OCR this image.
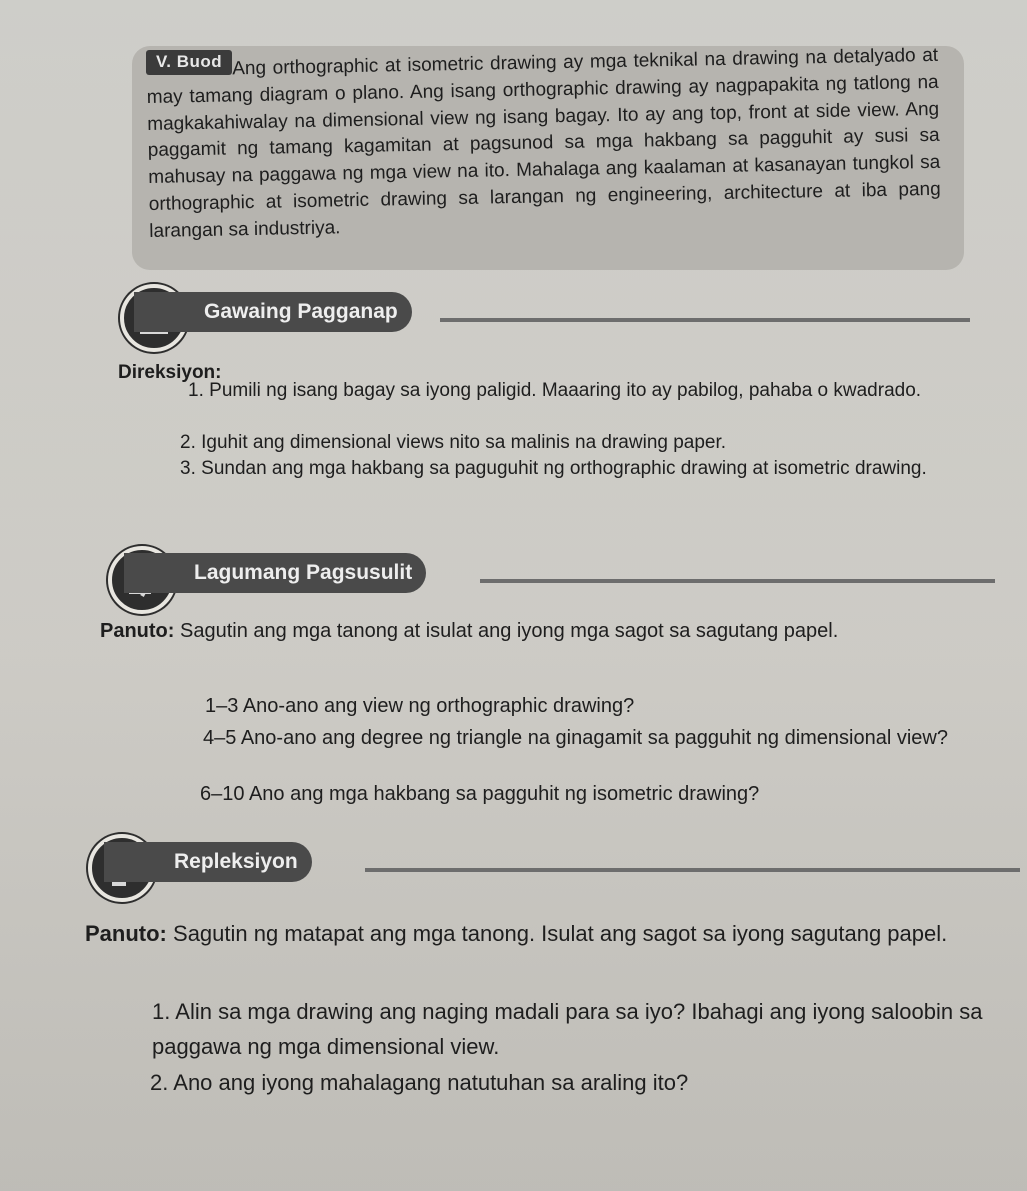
V. Buod Ang orthographic at isometric drawing ay mga teknikal na drawing na detalyado at may tamang diagram o plano. Ang isang orthographic drawing ay nagpapakita ng tatlong na magkakahiwalay na dimensional view ng isang bagay. Ito ay ang top, front at side view. Ang paggamit ng tamang kagamitan at pagsunod sa mga hakbang sa pagguhit ay susi sa mahusay na paggawa ng mga view na ito. Mahalaga ang kaalaman at kasanayan tungkol sa orthographic at isometric drawing sa larangan ng engineering, architecture at iba pang larangan sa industriya.

Gawaing Pagganap
Direksiyon:
1. Pumili ng isang bagay sa iyong paligid. Maaaring ito ay pabilog, pahaba o kwadrado.
2. Iguhit ang dimensional views nito sa malinis na drawing paper.
3. Sundan ang mga hakbang sa paguguhit ng orthographic drawing at isometric drawing.
Lagumang Pagsusulit
Panuto: Sagutin ang mga tanong at isulat ang iyong mga sagot sa sagutang papel.
1–3 Ano-ano ang view ng orthographic drawing?
4–5 Ano-ano ang degree ng triangle na ginagamit sa pagguhit ng dimensional view?
6–10 Ano ang mga hakbang sa pagguhit ng isometric drawing?
Repleksiyon
Panuto: Sagutin ng matapat ang mga tanong. Isulat ang sagot sa iyong sagutang papel.
1. Alin sa mga drawing ang naging madali para sa iyo? Ibahagi ang iyong saloobin sa paggawa ng mga dimensional view.
2. Ano ang iyong mahalagang natutuhan sa araling ito?
